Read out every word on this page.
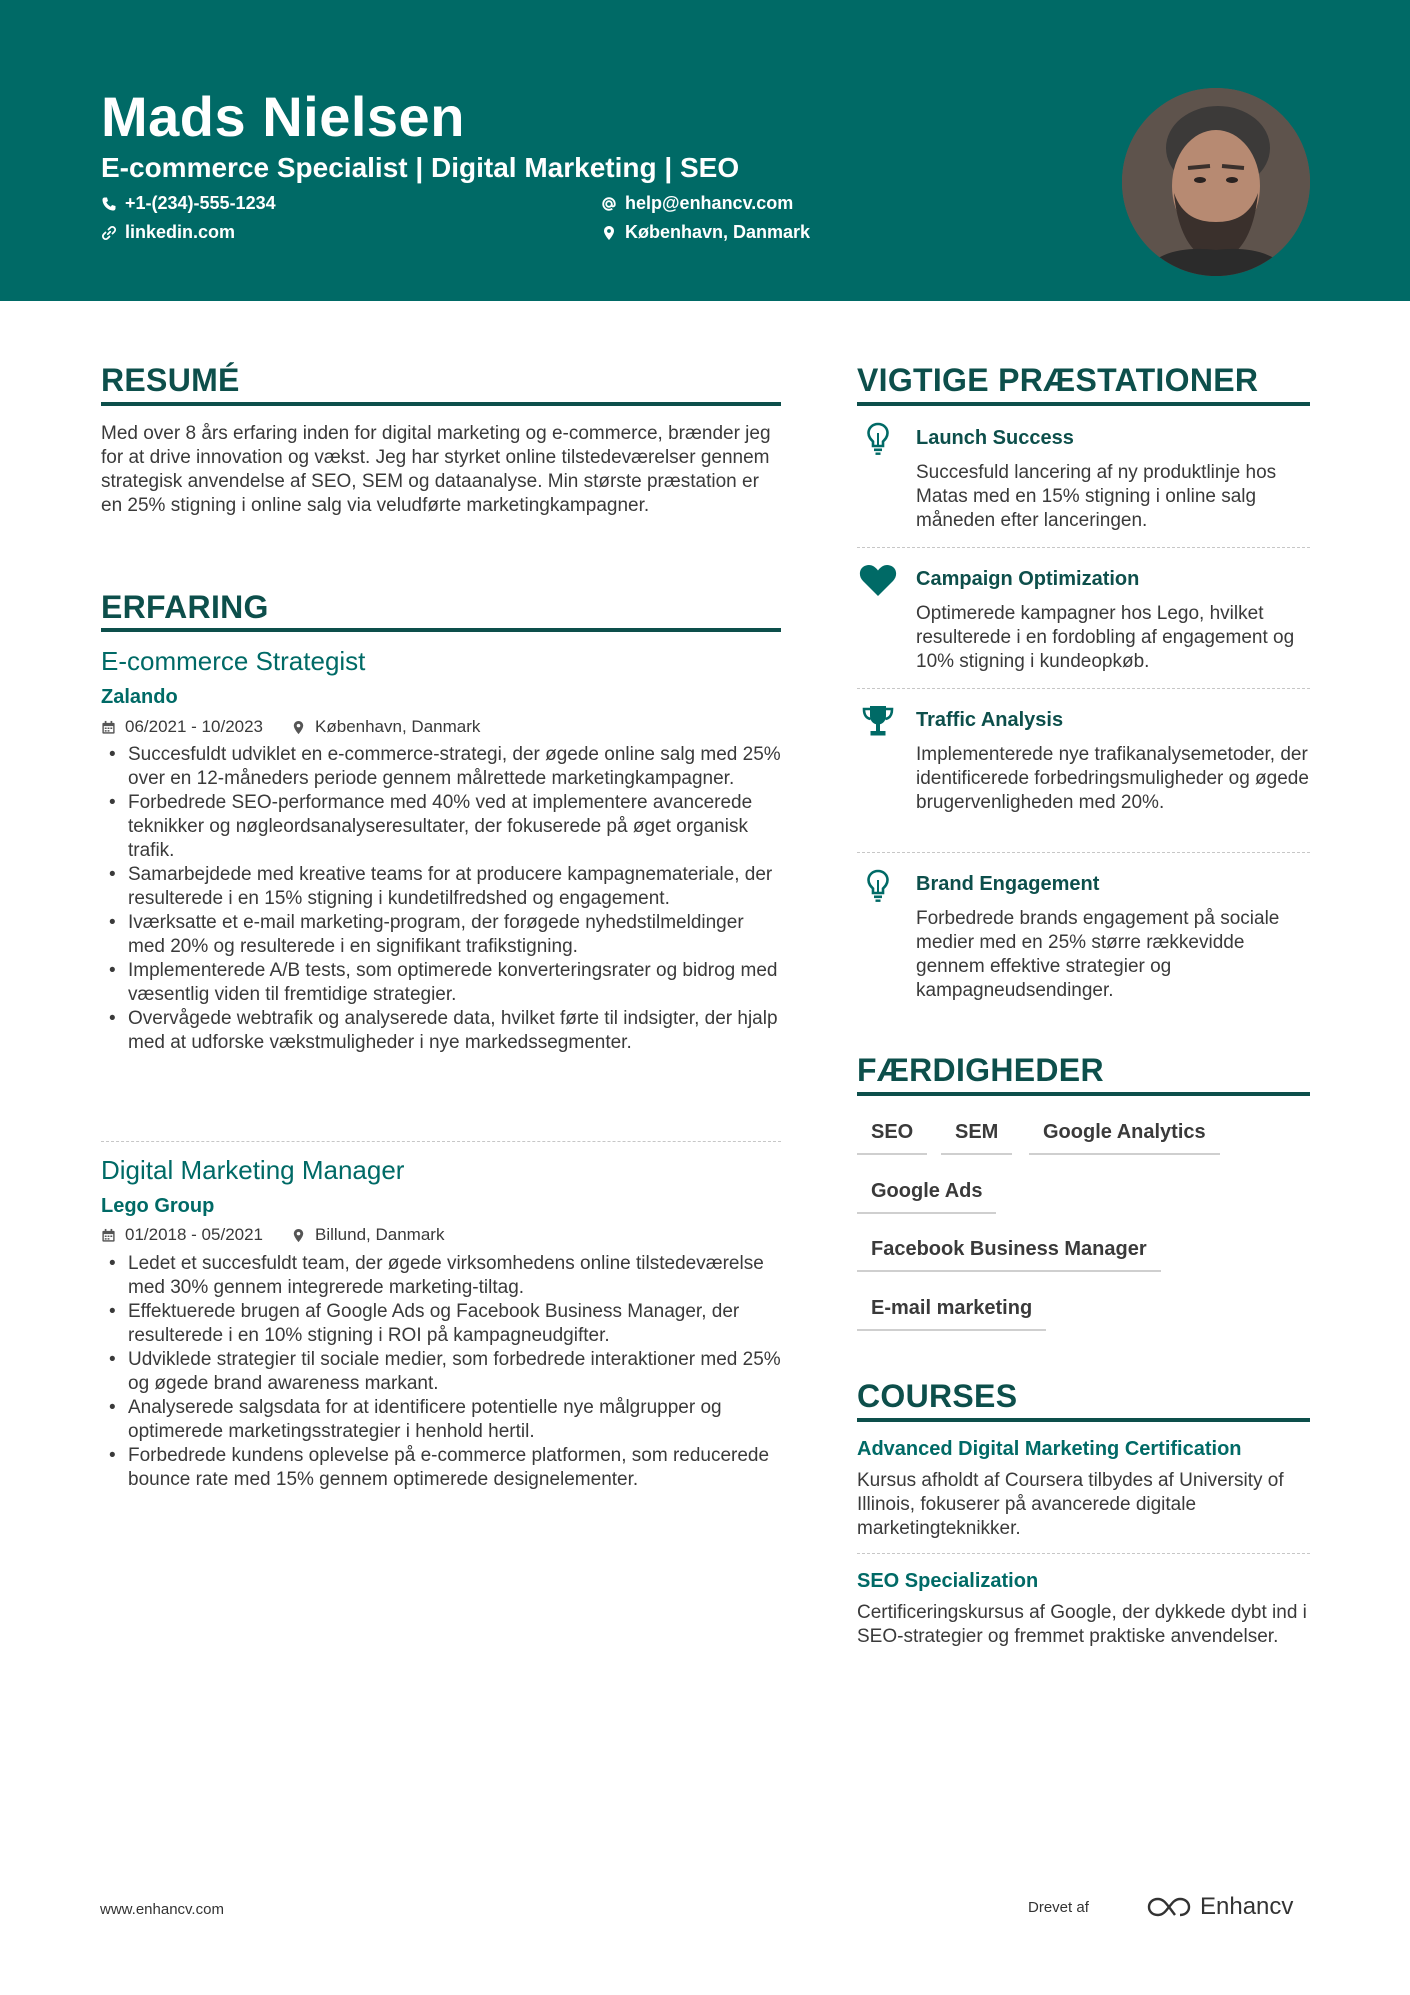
Mads Nielsen
E-commerce Specialist | Digital Marketing | SEO
+1-(234)-555-1234	help@enhancv.com
linkedin.com	København, Danmark
RESUMÉ
Med over 8 års erfaring inden for digital marketing og e-commerce, brænder jeg for at drive innovation og vækst. Jeg har styrket online tilstedeværelser gennem strategisk anvendelse af SEO, SEM og dataanalyse. Min største præstation er en 25% stigning i online salg via veludførte marketingkampagner.
ERFARING
E-commerce Strategist
Zalando
06/2021 - 10/2023	København, Danmark
• Succesfuldt udviklet en e-commerce-strategi, der øgede online salg med 25% over en 12-måneders periode gennem målrettede marketingkampagner.
• Forbedrede SEO-performance med 40% ved at implementere avancerede teknikker og nøgleordsanalyseresultater, der fokuserede på øget organisk trafik.
• Samarbejdede med kreative teams for at producere kampagnemateriale, der resulterede i en 15% stigning i kundetilfredshed og engagement.
• Iværksatte et e-mail marketing-program, der forøgede nyhedstilmeldinger med 20% og resulterede i en signifikant trafikstigning.
• Implementerede A/B tests, som optimerede konverteringsrater og bidrog med væsentlig viden til fremtidige strategier.
• Overvågede webtrafik og analyserede data, hvilket førte til indsigter, der hjalp med at udforske vækstmuligheder i nye markedssegmenter.
Digital Marketing Manager
Lego Group
01/2018 - 05/2021	Billund, Danmark
• Ledet et succesfuldt team, der øgede virksomhedens online tilstedeværelse med 30% gennem integrerede marketing-tiltag.
• Effektuerede brugen af Google Ads og Facebook Business Manager, der resulterede i en 10% stigning i ROI på kampagneudgifter.
• Udviklede strategier til sociale medier, som forbedrede interaktioner med 25% og øgede brand awareness markant.
• Analyserede salgsdata for at identificere potentielle nye målgrupper og optimerede marketingsstrategier i henhold hertil.
• Forbedrede kundens oplevelse på e-commerce platformen, som reducerede bounce rate med 15% gennem optimerede designelementer.
VIGTIGE PRÆSTATIONER
Launch Success
Succesfuld lancering af ny produktlinje hos Matas med en 15% stigning i online salg måneden efter lanceringen.
Campaign Optimization
Optimerede kampagner hos Lego, hvilket resulterede i en fordobling af engagement og 10% stigning i kundeopkøb.
Traffic Analysis
Implementerede nye trafikanalysemetoder, der identificerede forbedringsmuligheder og øgede brugervenligheden med 20%.
Brand Engagement
Forbedrede brands engagement på sociale medier med en 25% større rækkevidde gennem effektive strategier og kampagneudsendinger.
FÆRDIGHEDER
SEO	SEM	Google Analytics
Google Ads
Facebook Business Manager
E-mail marketing
COURSES
Advanced Digital Marketing Certification
Kursus afholdt af Coursera tilbydes af University of Illinois, fokuserer på avancerede digitale marketingteknikker.
SEO Specialization
Certificeringskursus af Google, der dykkede dybt ind i SEO-strategier og fremmet praktiske anvendelser.
www.enhancv.com	Drevet af	Enhancv
